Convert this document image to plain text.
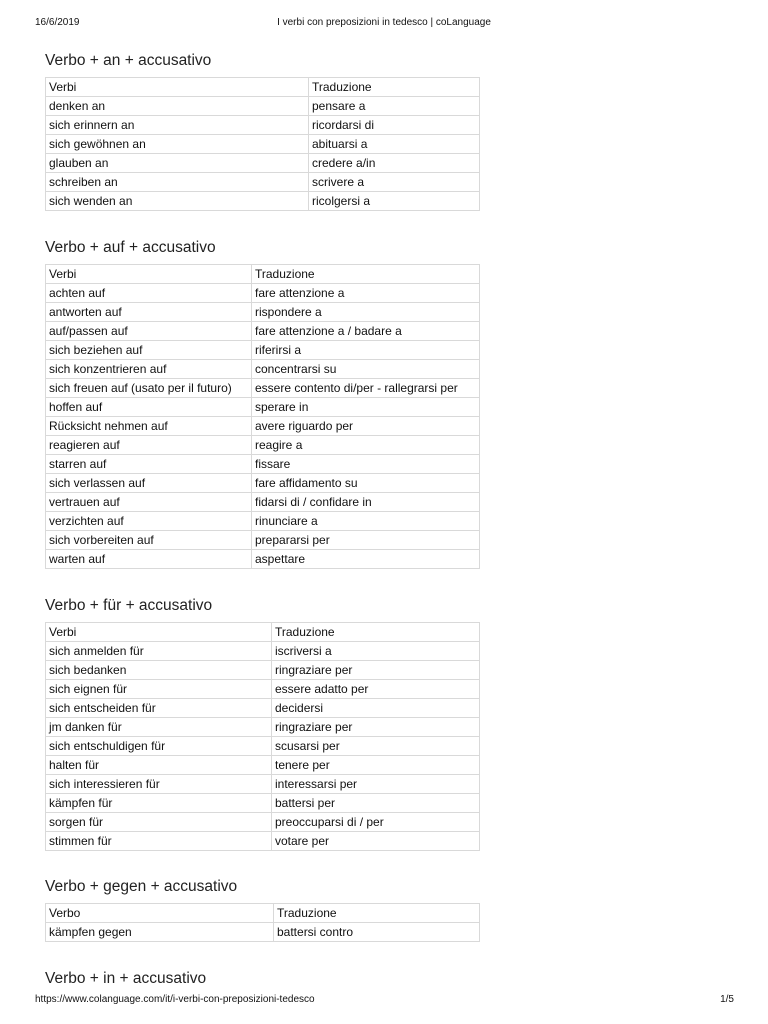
16/6/2019	I verbi con preposizioni in tedesco | coLanguage
Verbo + an + accusativo
Verbi	Traduzione
denken an	pensare a
sich erinnern an	ricordarsi di
sich gewöhnen an	abituarsi a
glauben an	credere a/in
schreiben an	scrivere a
sich wenden an	ricolgersi a
Verbo + auf + accusativo
Verbi	Traduzione
achten auf	fare attenzione a
antworten auf	rispondere a
auf/passen auf	fare attenzione a / badare a
sich beziehen auf	riferirsi a
sich konzentrieren auf	concentrarsi su
sich freuen auf (usato per il futuro)	essere contento di/per - rallegrarsi per
hoffen auf	sperare in
Rücksicht nehmen auf	avere riguardo per
reagieren auf	reagire a
starren auf	fissare
sich verlassen auf	fare affidamento su
vertrauen auf	fidarsi di / confidare in
verzichten auf	rinunciare a
sich vorbereiten auf	prepararsi per
warten auf	aspettare
Verbo + für + accusativo
Verbi	Traduzione
sich anmelden für	iscriversi a
sich bedanken	ringraziare per
sich eignen für	essere adatto per
sich entscheiden für	decidersi
jm danken für	ringraziare per
sich entschuldigen für	scusarsi per
halten für	tenere per
sich interessieren für	interessarsi per
kämpfen für	battersi per
sorgen für	preoccuparsi di / per
stimmen für	votare per
Verbo + gegen + accusativo
Verbo	Traduzione
kämpfen gegen	battersi contro
Verbo + in + accusativo
https://www.colanguage.com/it/i-verbi-con-preposizioni-tedesco	1/5
